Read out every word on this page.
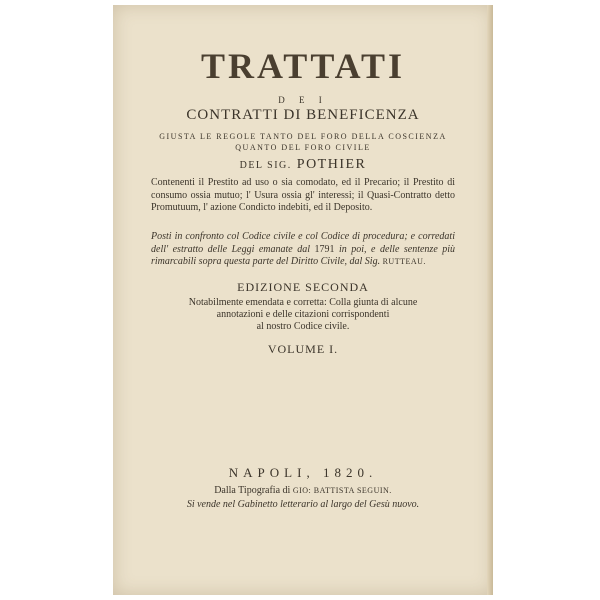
TRATTATI
D E I
CONTRATTI DI BENEFICENZA
GIUSTA LE REGOLE TANTO DEL FORO DELLA COSCIENZA
QUANTO DEL FORO CIVILE
DEL SIG. POTHIER
Contenenti il Prestito ad uso o sia comodato, ed il Precario; il Prestito di consumo ossia mutuo; l' Usura ossia gl' interessi; il Quasi-Contratto detto Promutuum, l' azione Condicto indebiti, ed il Deposito.
Posti in confronto col Codice civile e col Codice di procedura; e corredati dell' estratto delle Leggi emanate dal 1791 in poi, e delle sentenze più rimarcabili sopra questa parte del Diritto Civile, dal Sig. RUTTEAU.
EDIZIONE SECONDA
Notabilmente emendata e corretta: Colla giunta di alcune
annotazioni e delle citazioni corrispondenti
al nostro Codice civile.
VOLUME I.
NAPOLI, 1820.
Dalla Tipografia di GIO: BATTISTA SEGUIN.
Si vende nel Gabinetto letterario al largo del Gesù nuovo.
